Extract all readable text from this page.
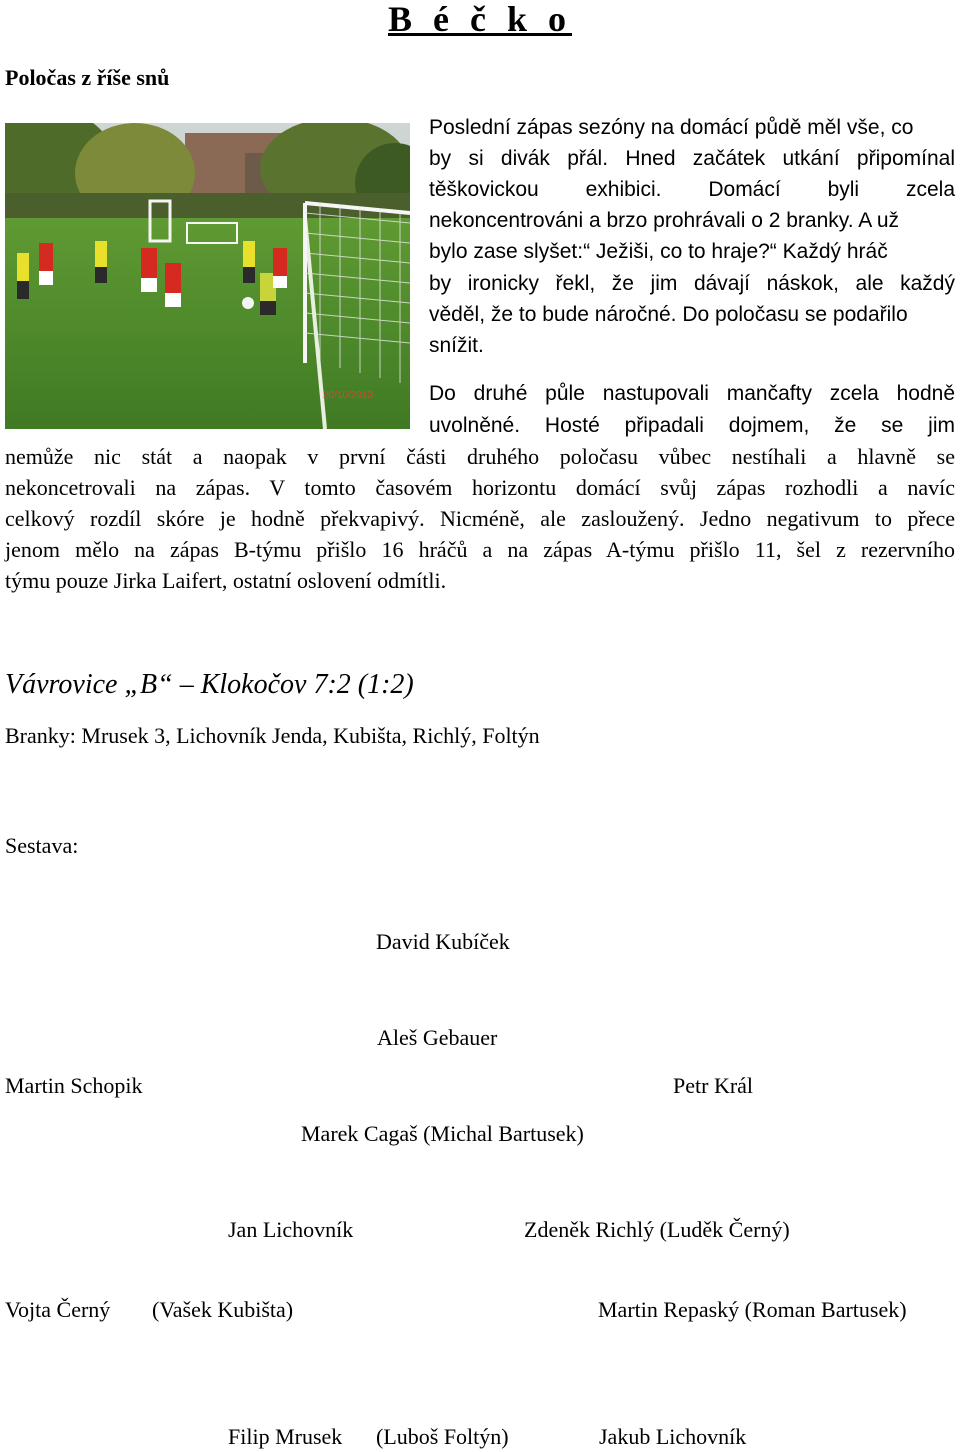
B é č k o
Poločas z říše snů
20/10/2013
Poslední zápas sezóny na domácí půdě měl vše, co
by si divák přál. Hned začátek utkání připomínal
těškovickou exhibici. Domácí byli zcela
nekoncentrováni a brzo prohrávali o 2 branky. A už
bylo zase slyšet:“ Ježiši, co to hraje?“ Každý hráč
by ironicky řekl, že jim dávají náskok, ale každý
věděl, že to bude náročné. Do poločasu se podařilo
snížit.
Do druhé půle nastupovali mančafty zcela hodně
uvolněné. Hosté připadali dojmem, že se jim
nemůže nic stát a naopak v první části druhého poločasu vůbec nestíhali a hlavně se
nekoncetrovali na zápas. V tomto časovém horizontu domácí svůj zápas rozhodli a navíc
celkový rozdíl skóre je hodně překvapivý. Nicméně, ale zasloužený. Jedno negativum to přece
jenom mělo na zápas B-týmu přišlo 16 hráčů a na zápas A-týmu přišlo 11, šel z rezervního
týmu pouze Jirka Laifert, ostatní oslovení odmítli.
Vávrovice „B“ – Klokočov 7:2 (1:2)
Branky: Mrusek 3, Lichovník Jenda, Kubišta, Richlý, Foltýn
Sestava:
David Kubíček
Aleš Gebauer
Martin Schopik	Petr Král
Marek Cagaš (Michal Bartusek)
Jan Lichovník	Zdeněk Richlý (Luděk Černý)
Vojta Černý (Vašek Kubišta)	Martin Repaský (Roman Bartusek)
Filip Mrusek (Luboš Foltýn)	Jakub Lichovník
